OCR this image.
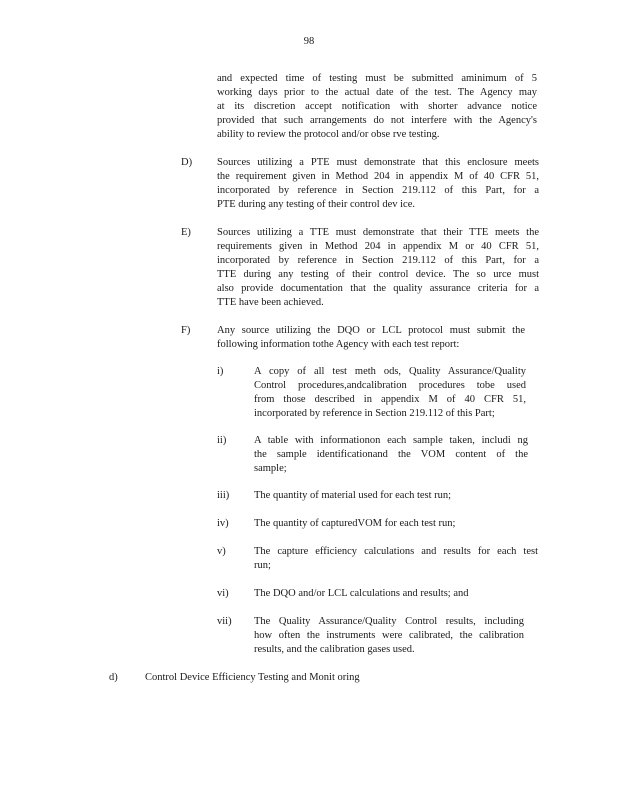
98
and expected time of testing must be submitted aminimum of 5
working days prior to the actual date of the test. The Agency may
at its discretion accept notification with shorter advance notice
provided that such arrangements do not interfere with the Agency's
ability to review the protocol and/or obse rve testing.
D) Sources utilizing a PTE must demonstrate that this enclosure meets
the requirement given in Method 204 in appendix M of 40 CFR 51,
incorporated by reference in Section 219.112 of this Part, for a
PTE during any testing of their control dev ice.
E) Sources utilizing a TTE must demonstrate that their TTE meets the
requirements given in Method 204 in appendix M or 40 CFR 51,
incorporated by reference in Section 219.112 of this Part, for a
TTE during any testing of their control device. The so urce must
also provide documentation that the quality assurance criteria for a
TTE have been achieved.
F)	Any source utilizing the DQO or LCL protocol must submit the
following information tothe Agency with each test report:
i)	A copy of all test meth ods, Quality Assurance/Quality
Control procedures,andcalibration procedures tobe used
from those described in appendix M of 40 CFR 51,
incorporated by reference in Section 219.112 of this Part;
ii)	A table with informationon each sample taken, includi ng
the sample identificationand the VOM content of the
sample;
iii) The quantity of material used for each test run;
iv) The quantity of capturedVOM for each test run;
v)	The capture efficiency calculations and results for each test
run;
vi) The DQO and/or LCL calculations and results; and
vii) The Quality Assurance/Quality Control results, including
how often the instruments were calibrated, the calibration
results, and the calibration gases used.
d)	Control Device Efficiency Testing and Monit oring
